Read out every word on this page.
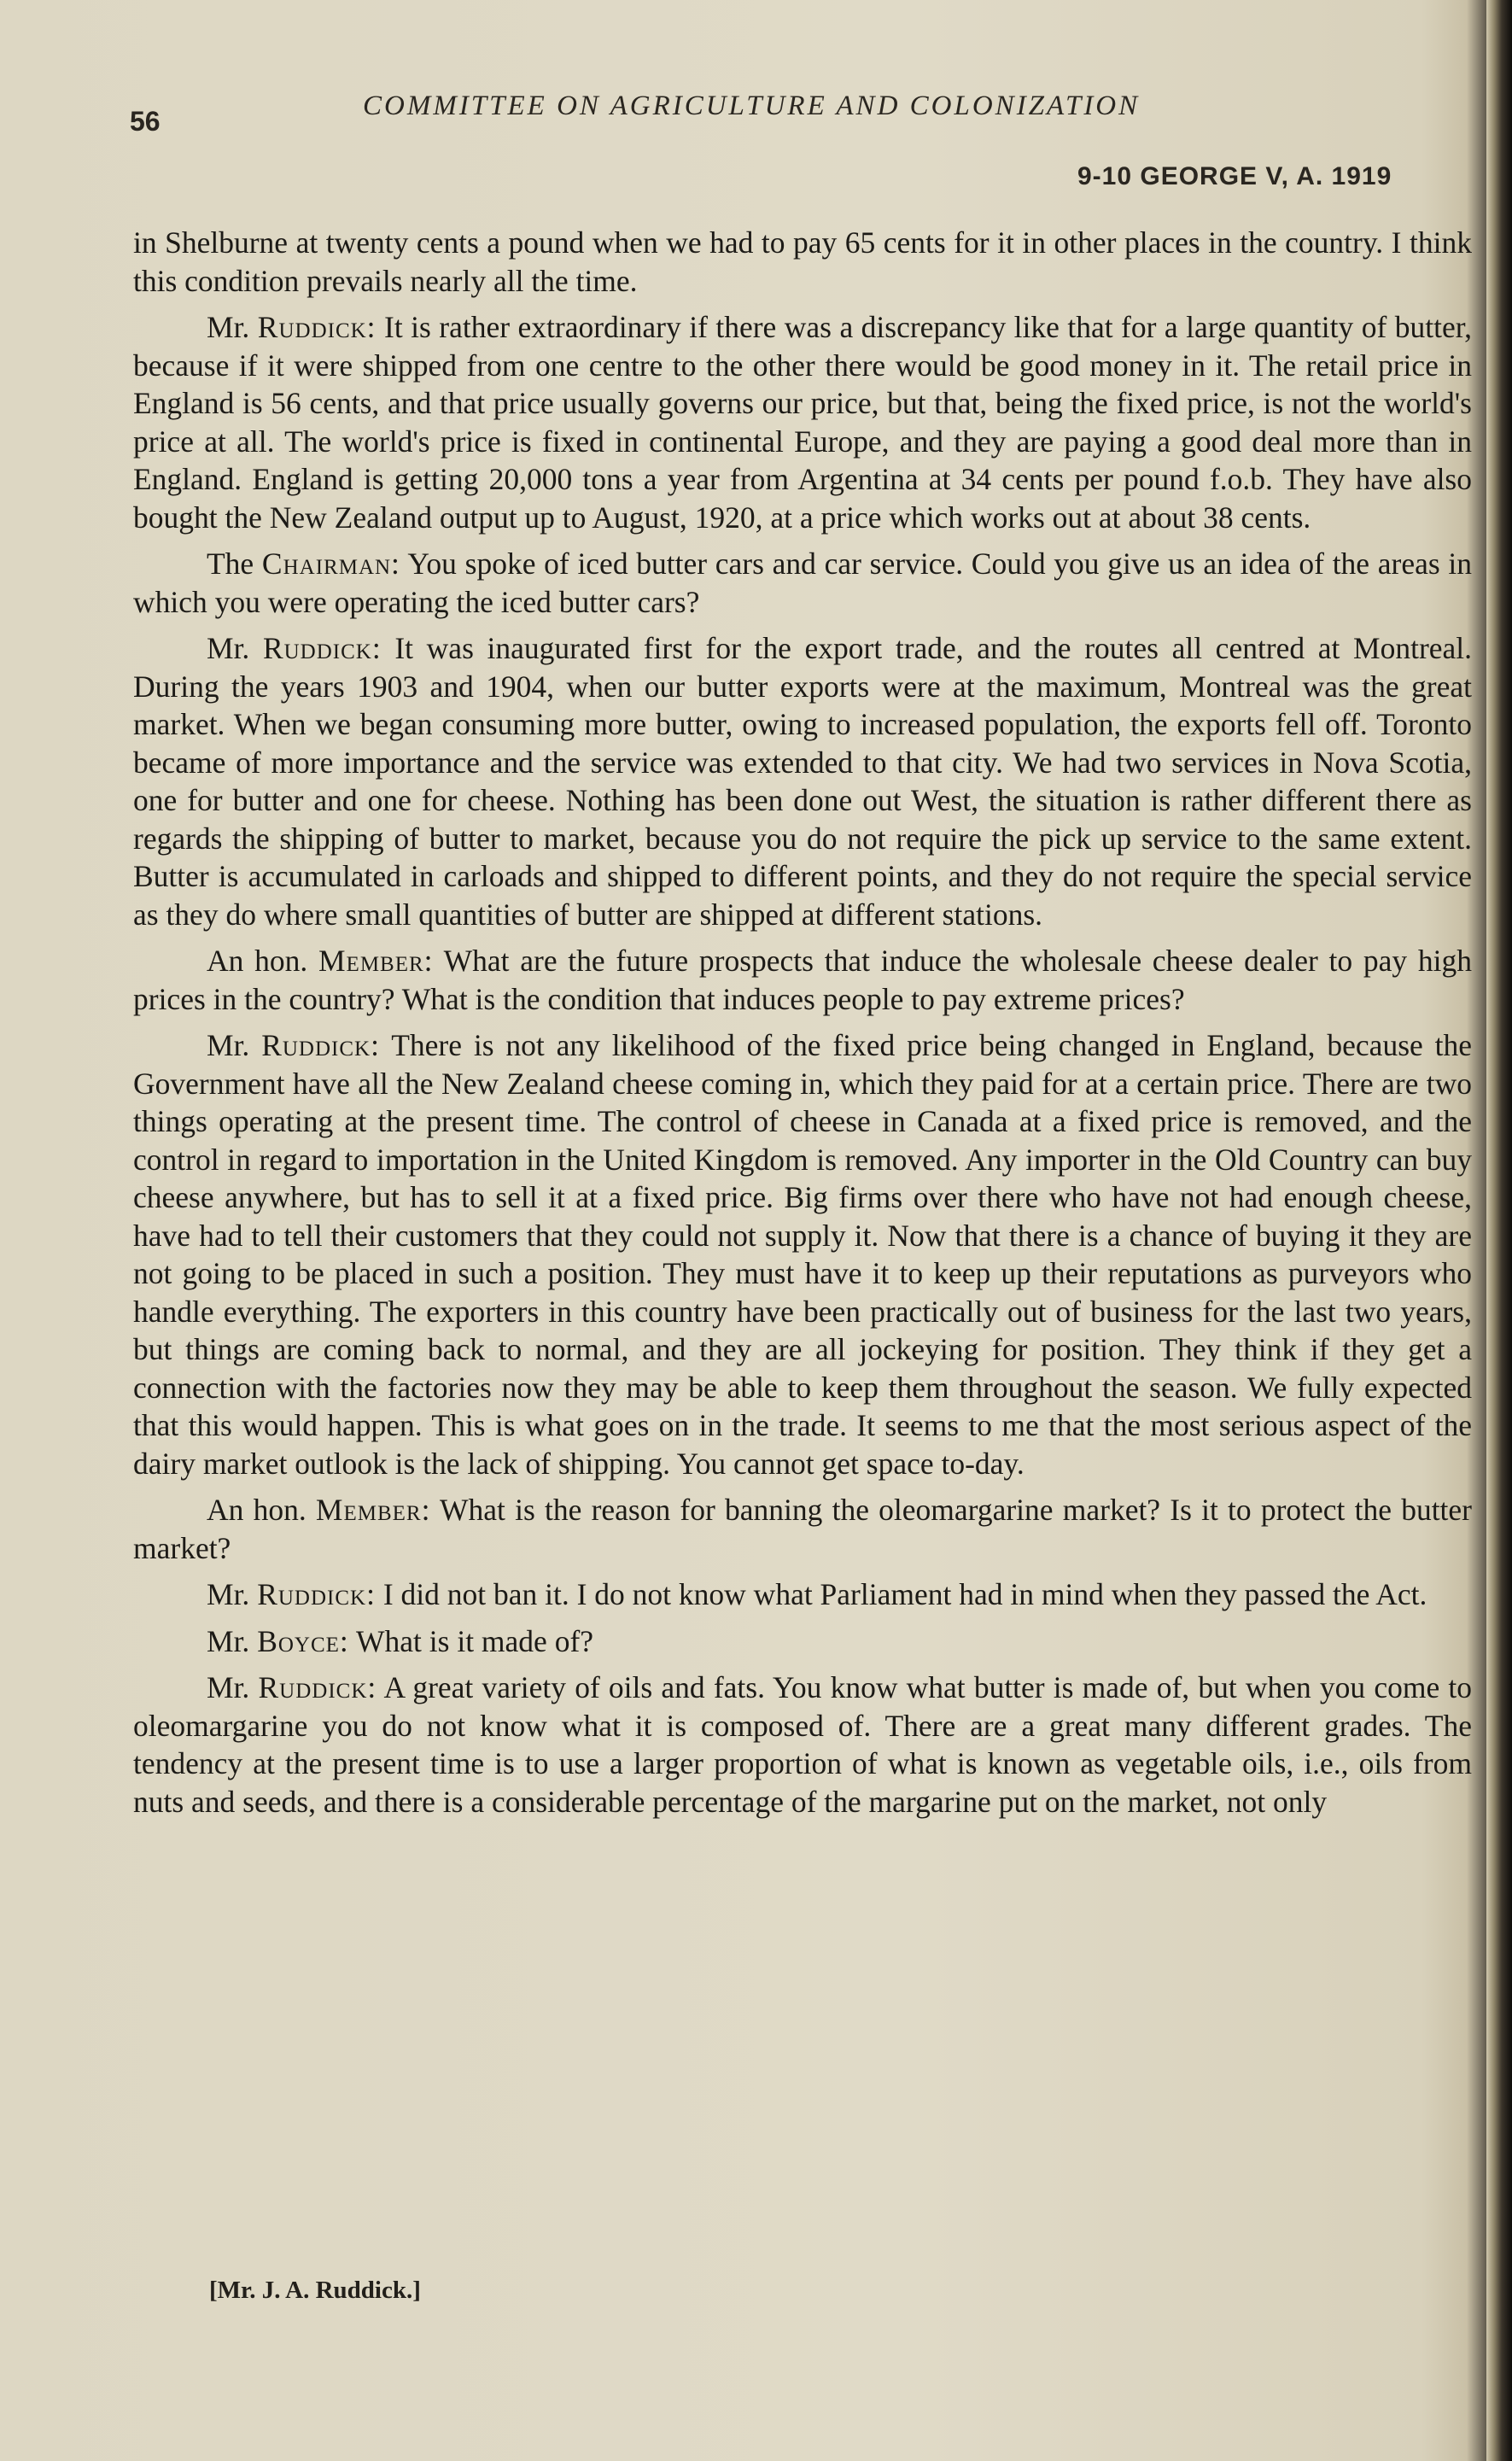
56	COMMITTEE ON AGRICULTURE AND COLONIZATION
9-10 GEORGE V, A. 1919

in Shelburne at twenty cents a pound when we had to pay 65 cents for it in other places in the country. I think this condition prevails nearly all the time.

Mr. Ruddick: It is rather extraordinary if there was a discrepancy like that for a large quantity of butter, because if it were shipped from one centre to the other there would be good money in it. The retail price in England is 56 cents, and that price usually governs our price, but that, being the fixed price, is not the world's price at all. The world's price is fixed in continental Europe, and they are paying a good deal more than in England. England is getting 20,000 tons a year from Argentina at 34 cents per pound f.o.b. They have also bought the New Zealand output up to August, 1920, at a price which works out at about 38 cents.

The Chairman: You spoke of iced butter cars and car service. Could you give us an idea of the areas in which you were operating the iced butter cars?

Mr. Ruddick: It was inaugurated first for the export trade, and the routes all centred at Montreal. During the years 1903 and 1904, when our butter exports were at the maximum, Montreal was the great market. When we began consuming more butter, owing to increased population, the exports fell off. Toronto became of more importance and the service was extended to that city. We had two services in Nova Scotia, one for butter and one for cheese. Nothing has been done out West, the situation is rather different there as regards the shipping of butter to market, because you do not require the pick up service to the same extent. Butter is accumulated in carloads and shipped to different points, and they do not require the special service as they do where small quantities of butter are shipped at different stations.

An hon. Member: What are the future prospects that induce the wholesale cheese dealer to pay high prices in the country? What is the condition that induces people to pay extreme prices?

Mr. Ruddick: There is not any likelihood of the fixed price being changed in England, because the Government have all the New Zealand cheese coming in, which they paid for at a certain price. There are two things operating at the present time. The control of cheese in Canada at a fixed price is removed, and the control in regard to importation in the United Kingdom is removed. Any importer in the Old Country can buy cheese anywhere, but has to sell it at a fixed price. Big firms over there who have not had enough cheese, have had to tell their customers that they could not supply it. Now that there is a chance of buying it they are not going to be placed in such a position. They must have it to keep up their reputations as purveyors who handle everything. The exporters in this country have been practically out of business for the last two years, but things are coming back to normal, and they are all jockeying for position. They think if they get a connection with the factories now they may be able to keep them throughout the season. We fully expected that this would happen. This is what goes on in the trade. It seems to me that the most serious aspect of the dairy market outlook is the lack of shipping. You cannot get space to-day.

An hon. Member: What is the reason for banning the oleomargarine market? Is it to protect the butter market?

Mr. Ruddick: I did not ban it. I do not know what Parliament had in mind when they passed the Act.

Mr. Boyce: What is it made of?

Mr. Ruddick: A great variety of oils and fats. You know what butter is made of, but when you come to oleomargarine you do not know what it is composed of. There are a great many different grades. The tendency at the present time is to use a larger proportion of what is known as vegetable oils, i.e., oils from nuts and seeds, and there is a considerable percentage of the margarine put on the market, not only

[Mr. J. A. Ruddick.]
